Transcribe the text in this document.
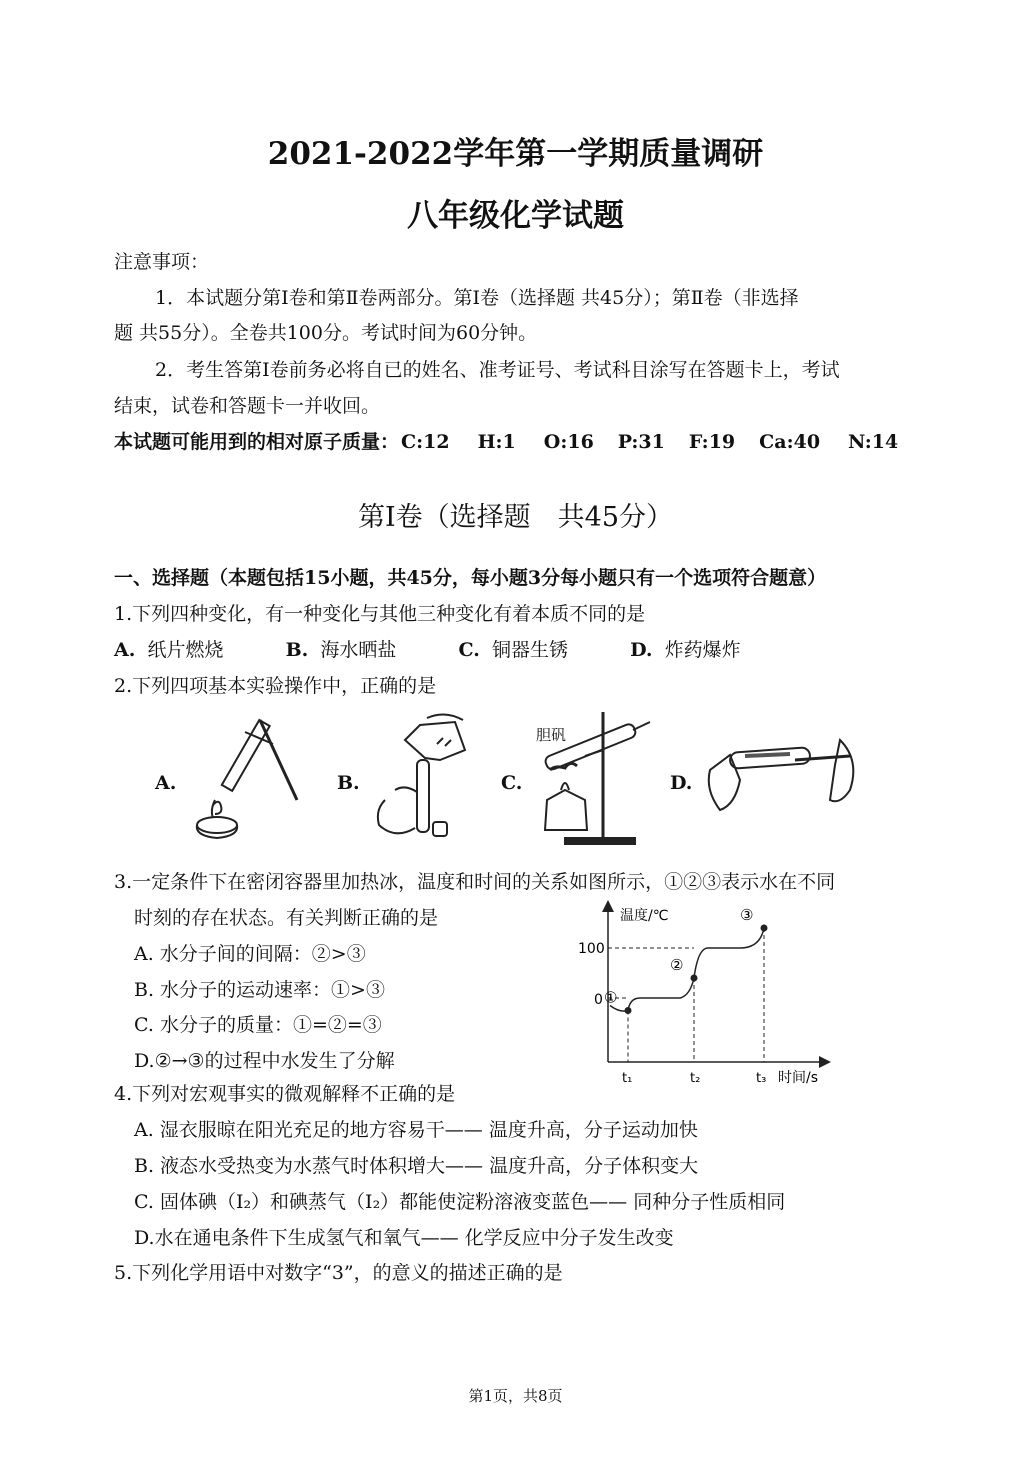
2021-2022学年第一学期质量调研
八年级化学试题
注意事项：
1．本试题分第Ⅰ卷和第Ⅱ卷两部分。第Ⅰ卷（选择题 共45分）；第Ⅱ卷（非选择
题 共55分）。全卷共100分。考试时间为60分钟。
2．考生答第Ⅰ卷前务必将自已的姓名、准考证号、考试科目涂写在答题卡上，考试
结束，试卷和答题卡一并收回。
本试题可能用到的相对原子质量： C:12 H:1 O:16 P:31 F:19 Ca:40 N:14
第Ⅰ卷（选择题　共45分）
一、选择题（本题包括15小题，共45分，每小题3分每小题只有一个选项符合题意）
1.下列四种变化，有一种变化与其他三种变化有着本质不同的是
A. 纸片燃烧	B. 海水晒盐	C. 铜器生锈	D. 炸药爆炸
2.下列四项基本实验操作中，正确的是
A.	B.	C.	D.
胆矾
3.一定条件下在密闭容器里加热冰，温度和时间的关系如图所示，①②③表示水在不同
时刻的存在状态。有关判断正确的是
A. 水分子间的间隔：②>③
B. 水分子的运动速率：①>③
C. 水分子的质量：①=②=③
D.②→③的过程中水发生了分解
温度/℃
时间/s
100
0
t₁	t₂	t₃
①
②
③
4.下列对宏观事实的微观解释不正确的是
A. 湿衣服晾在阳光充足的地方容易干—— 温度升高，分子运动加快
B. 液态水受热变为水蒸气时体积增大—— 温度升高，分子体积变大
C. 固体碘（I₂）和碘蒸气（I₂）都能使淀粉溶液变蓝色—— 同种分子性质相同
D.水在通电条件下生成氢气和氧气—— 化学反应中分子发生改变
5.下列化学用语中对数字“3”，的意义的描述正确的是
第1页，共8页
